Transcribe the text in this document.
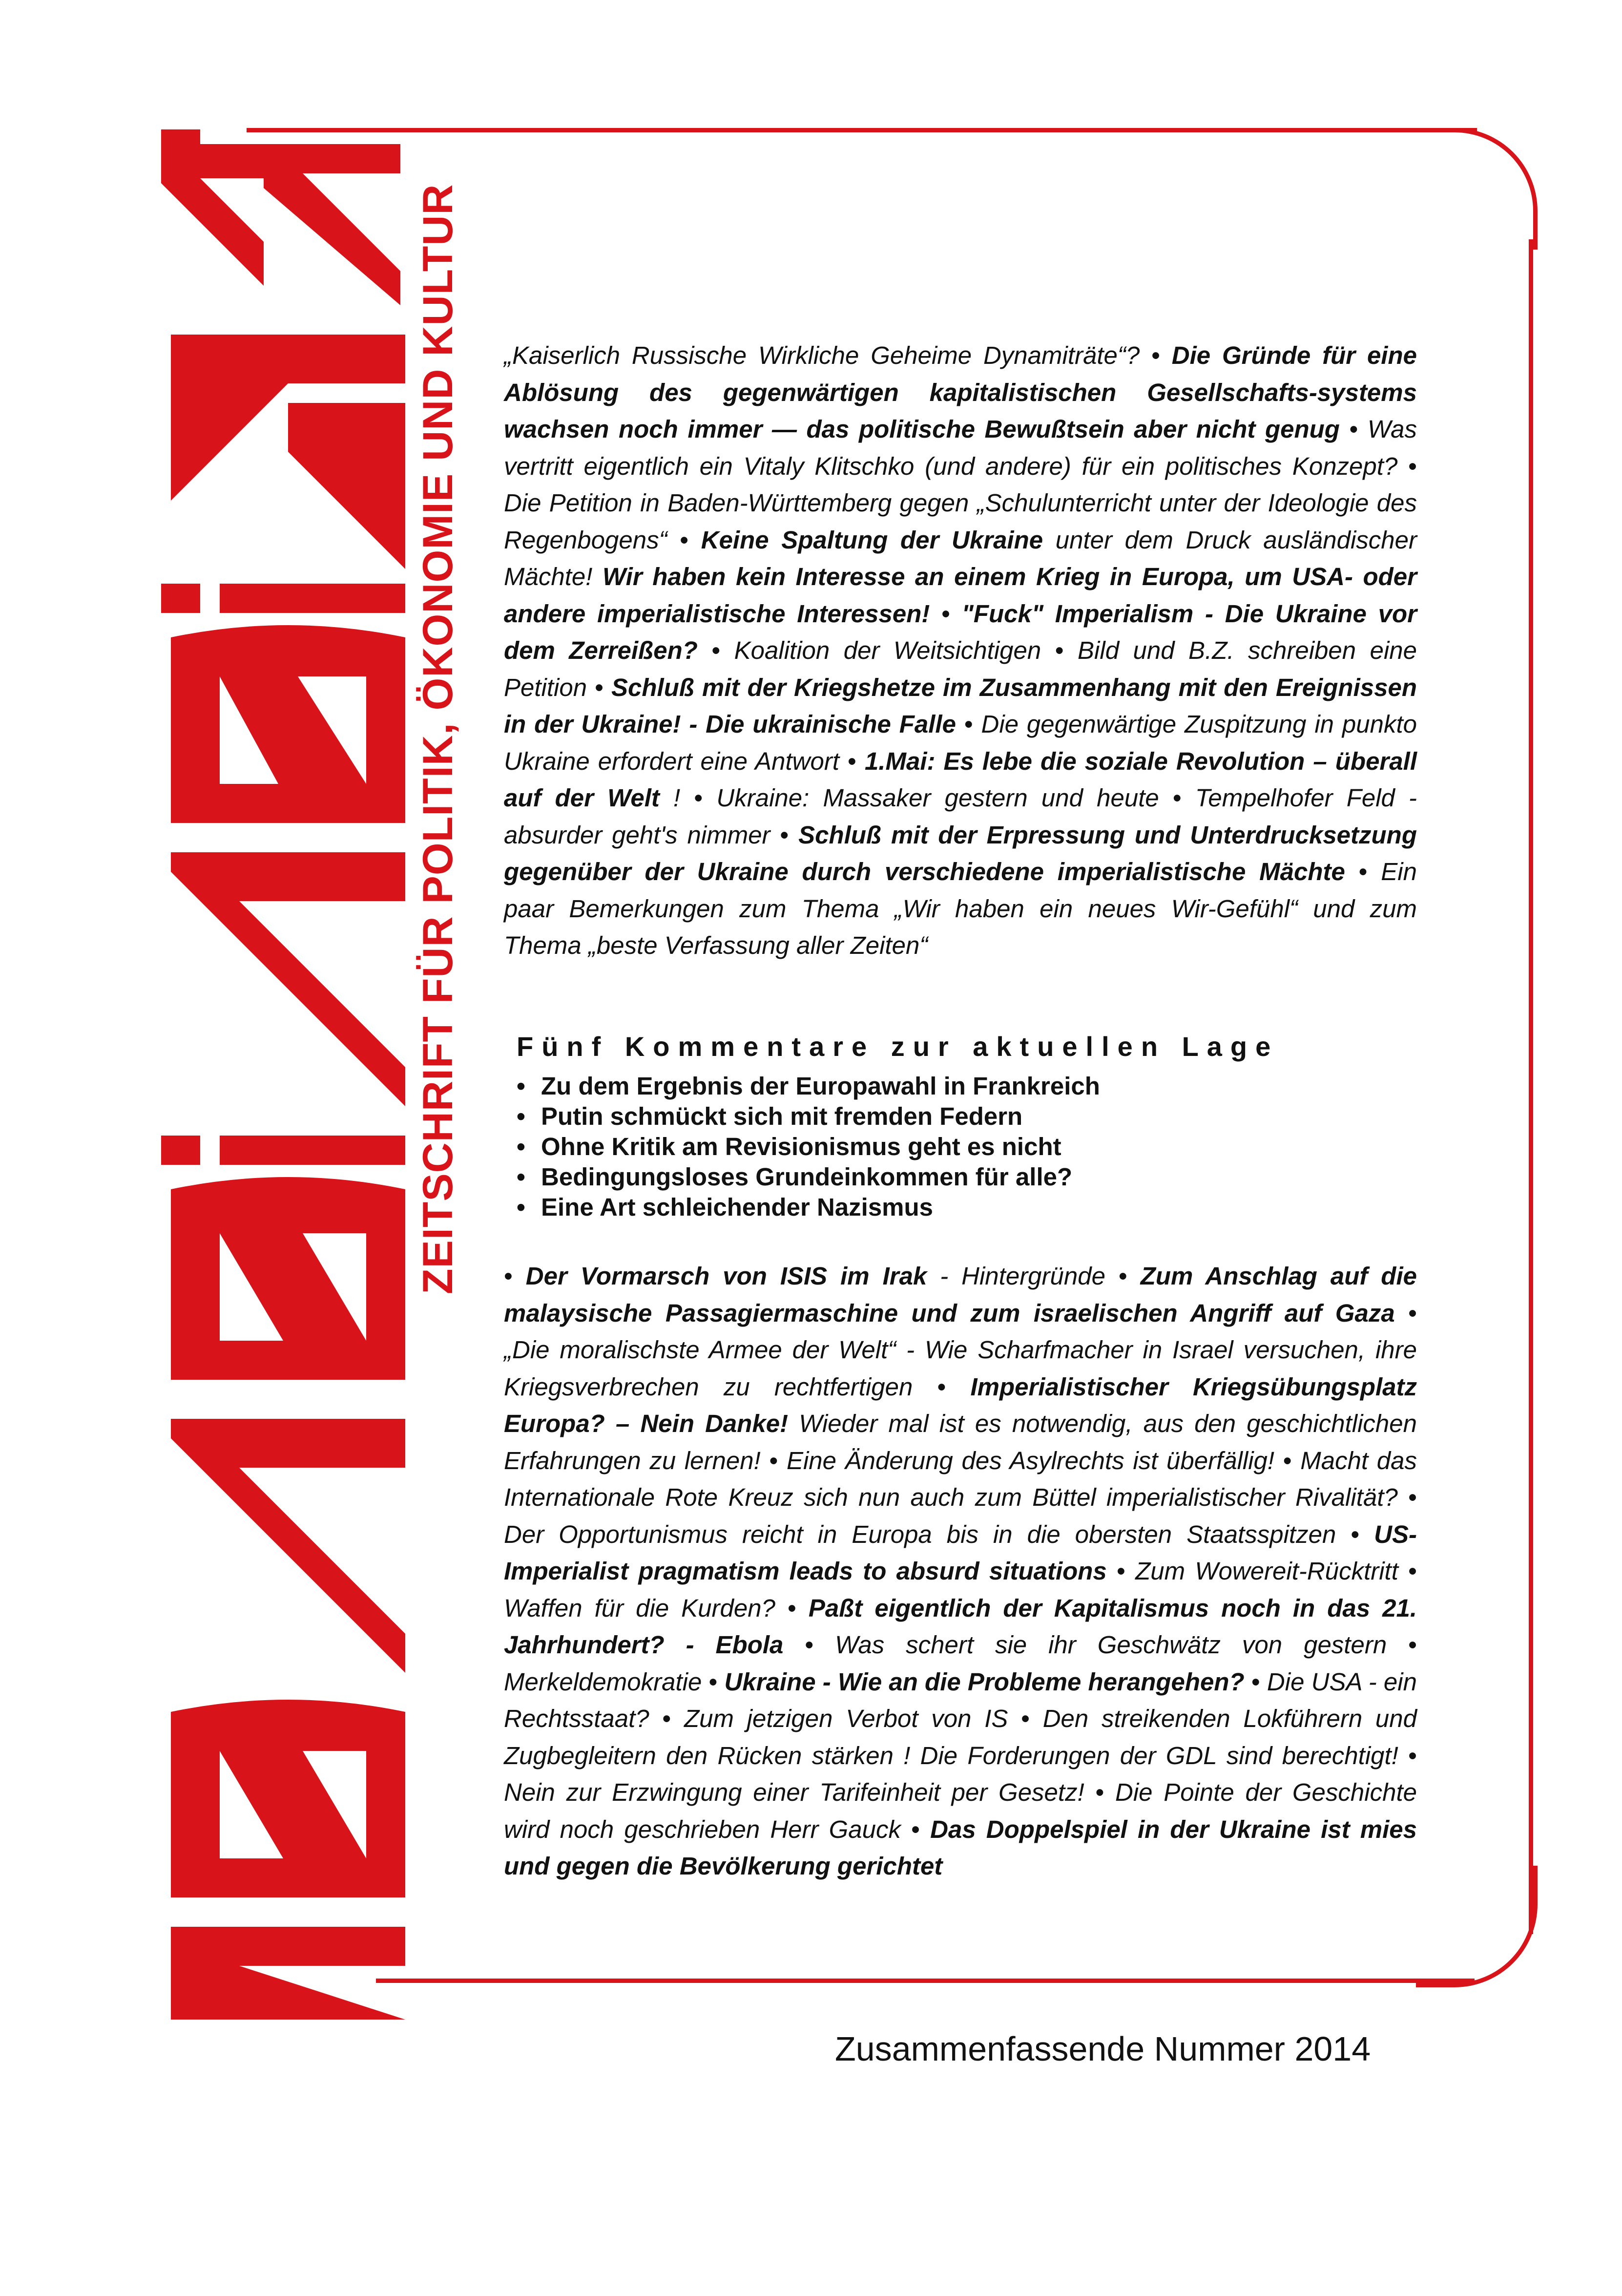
ZEITSCHRIFT FÜR POLITIK, ÖKONOMIE UND KULTUR	„Kaiserlich Russische Wirkliche Geheime Dynamiträte“? • Die Gründe für eine Ablösung des gegenwärtigen kapitalistischen Gesellschafts-systems wachsen noch immer — das politische Bewußtsein aber nicht genug • Was vertritt eigentlich ein Vitaly Klitschko (und andere) für ein politisches Konzept? • Die Petition in Baden-Württemberg gegen „Schulunterricht unter der Ideologie des Regenbogens“ • Keine Spaltung der Ukraine unter dem Druck ausländischer Mächte! Wir haben kein Interesse an einem Krieg in Europa, um USA- oder andere imperialistische Interessen! • "Fuck" Imperialism - Die Ukraine vor dem Zerreißen? • Koalition der Weitsichtigen • Bild und B.Z. schreiben eine Petition • Schluß mit der Kriegshetze im Zusammenhang mit den Ereignissen in der Ukraine! - Die ukrainische Falle • Die gegenwärtige Zuspitzung in punkto Ukraine erfordert eine Antwort • 1.Mai: Es lebe die soziale Revolution – überall auf der Welt ! • Ukraine: Massaker gestern und heute • Tempelhofer Feld - absurder geht's nimmer • Schluß mit der Erpressung und Unterdrucksetzung gegenüber der Ukraine durch verschiedene imperialistische Mächte • Ein paar Bemerkungen zum Thema „Wir haben ein neues Wir-Gefühl“ und zum Thema „beste Verfassung aller Zeiten“
Fünf Kommentare zur aktuellen Lage
• Zu dem Ergebnis der Europawahl in Frankreich
• Putin schmückt sich mit fremden Federn
• Ohne Kritik am Revisionismus geht es nicht
• Bedingungsloses Grundeinkommen für alle?
• Eine Art schleichender Nazismus
• Der Vormarsch von ISIS im Irak - Hintergründe • Zum Anschlag auf die malaysische Passagiermaschine und zum israelischen Angriff auf Gaza • „Die moralischste Armee der Welt“ - Wie Scharfmacher in Israel versuchen, ihre Kriegsverbrechen zu rechtfertigen • Imperialistischer Kriegsübungsplatz Europa? – Nein Danke! Wieder mal ist es notwendig, aus den geschichtlichen Erfahrungen zu lernen! • Eine Änderung des Asylrechts ist überfällig! • Macht das Internationale Rote Kreuz sich nun auch zum Büttel imperialistischer Rivalität? • Der Opportunismus reicht in Europa bis in die obersten Staatsspitzen • US-Imperialist pragmatism leads to absurd situations • Zum Wowereit-Rücktritt • Waffen für die Kurden? • Paßt eigentlich der Kapitalismus noch in das 21. Jahrhundert? - Ebola • Was schert sie ihr Geschwätz von gestern • Merkeldemokratie • Ukraine - Wie an die Probleme herangehen? • Die USA - ein Rechtsstaat? • Zum jetzigen Verbot von IS • Den streikenden Lokführern und Zugbegleitern den Rücken stärken ! Die Forderungen der GDL sind berechtigt! • Nein zur Erzwingung einer Tarifeinheit per Gesetz! • Die Pointe der Geschichte wird noch geschrieben Herr Gauck • Das Doppelspiel in der Ukraine ist mies und gegen die Bevölkerung gerichtet
Zusammenfassende Nummer 2014
